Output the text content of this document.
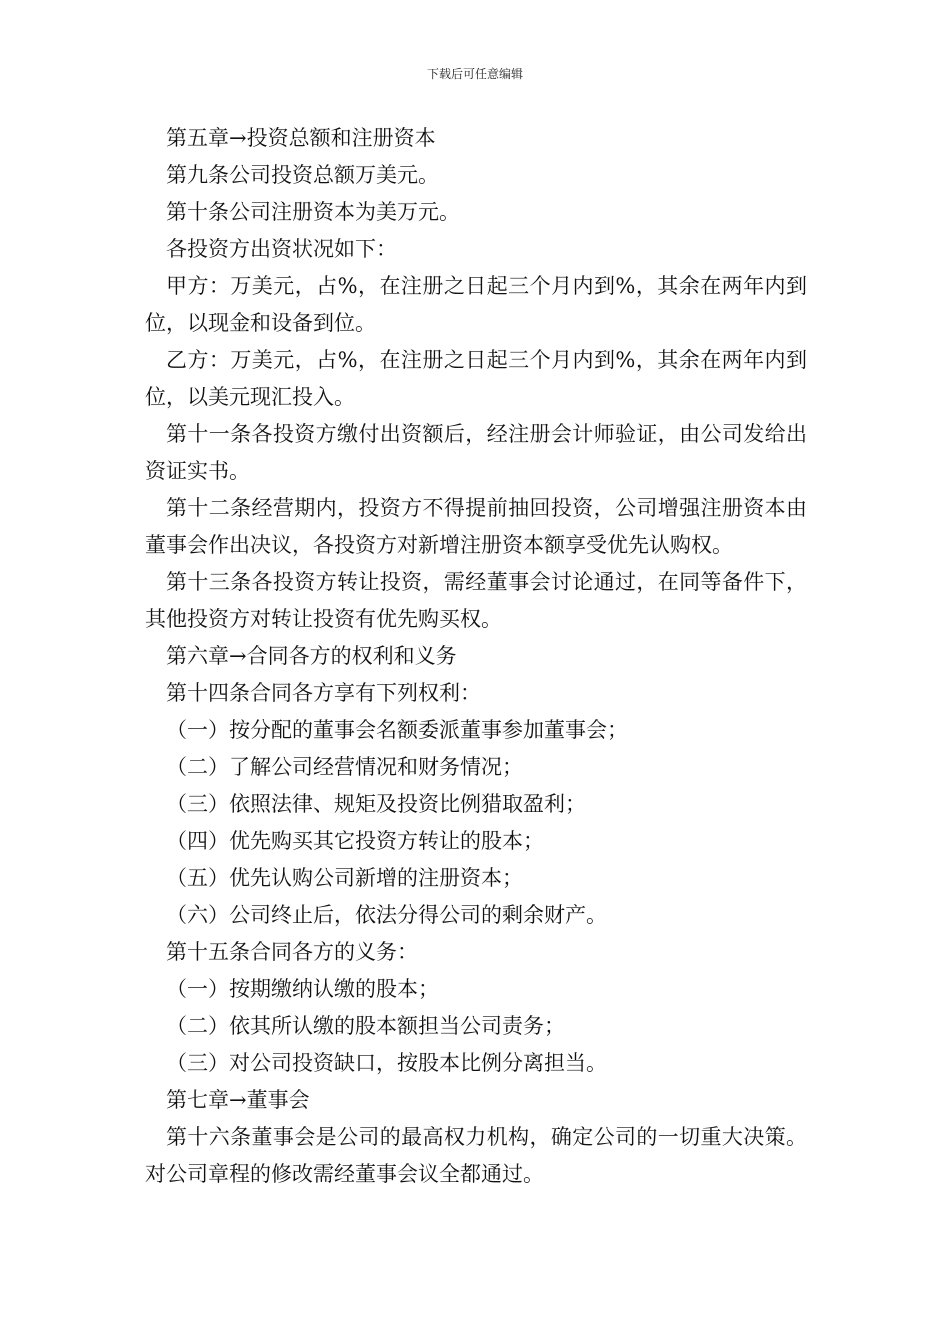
下载后可任意编辑

第五章→投资总额和注册资本

第九条公司投资总额万美元。

第十条公司注册资本为美万元。

各投资方出资状况如下：

甲方：万美元，占%，在注册之日起三个月内到%，其余在两年内到位，以现金和设备到位。

乙方：万美元，占%，在注册之日起三个月内到%，其余在两年内到位，以美元现汇投入。

第十一条各投资方缴付出资额后，经注册会计师验证，由公司发给出资证实书。

第十二条经营期内，投资方不得提前抽回投资，公司增强注册资本由董事会作出决议，各投资方对新增注册资本额享受优先认购权。

第十三条各投资方转让投资，需经董事会讨论通过，在同等备件下，其他投资方对转让投资有优先购买权。

第六章→合同各方的权利和义务

第十四条合同各方享有下列权利：

（一）按分配的董事会名额委派董事参加董事会；

（二）了解公司经营情况和财务情况；

（三）依照法律、规矩及投资比例猎取盈利；

（四）优先购买其它投资方转让的股本；

（五）优先认购公司新增的注册资本；

（六）公司终止后，依法分得公司的剩余财产。

第十五条合同各方的义务：

（一）按期缴纳认缴的股本；

（二）依其所认缴的股本额担当公司责务；

（三）对公司投资缺口，按股本比例分离担当。

第七章→董事会

第十六条董事会是公司的最高权力机构，确定公司的一切重大决策。对公司章程的修改需经董事会议全都通过。
